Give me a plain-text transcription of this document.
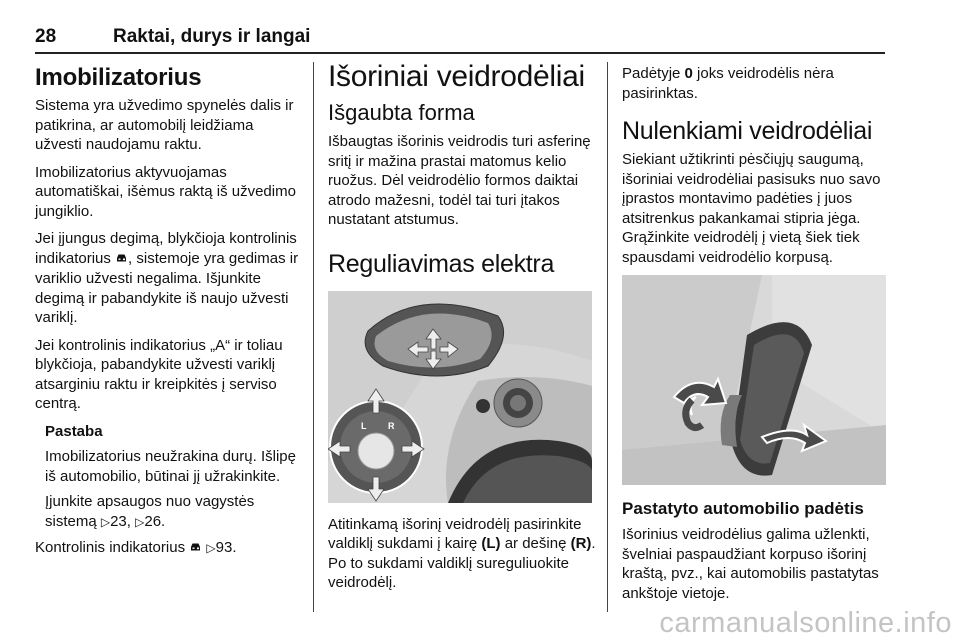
28	Raktai, durys ir langai
Imobilizatorius

Sistema yra užvedimo spynelės dalis ir patikrina, ar automobilį leidžiama užvesti naudojamu raktu.

Imobilizatorius aktyvuojamas automatiškai, išėmus raktą iš užvedimo jungiklio.

Jei įjungus degimą, blykčioja kontrolinis indikatorius , sistemoje yra gedimas ir variklio užvesti negalima. Išjunkite degimą ir pabandykite iš naujo užvesti variklį.

Jei kontrolinis indikatorius „A“ ir toliau blykčioja, pabandykite užvesti variklį atsarginiu raktu ir kreipkitės į serviso centrą.

Pastaba

Imobilizatorius neužrakina durų. Išlipę iš automobilio, būtinai jį užrakinkite.

Įjunkite apsaugos nuo vagystės sistemą ▷23, ▷26.

Kontrolinis indikatorius  ▷93.

Išoriniai veidrodėliai
Išgaubta forma

Išbaugtas išorinis veidrodis turi asferinę sritį ir mažina prastai matomus kelio ruožus. Dėl veidrodėlio formos daiktai atrodo mažesni, todėl tai turi įtakos nustatant atstumus.

Reguliavimas elektra
L R

Atitinkamą išorinį veidrodėlį pasirinkite valdiklį sukdami į kairę (L) ar dešinę (R). Po to sukdami valdiklį sureguliuokite veidrodėlį.

Padėtyje 0 joks veidrodėlis nėra pasirinktas.

Nulenkiami veidrodėliai

Siekiant užtikrinti pėsčiųjų saugumą, išoriniai veidrodėliai pasisuks nuo savo įprastos montavimo padėties į juos atsitrenkus pakankamai stipria jėga. Grąžinkite veidrodėlį į vietą šiek tiek spausdami veidrodėlio korpusą.

Pastatyto automobilio padėtis

Išorinius veidrodėlius galima užlenkti, švelniai paspaudžiant korpuso išorinį kraštą, pvz., kai automobilis pastatytas ankštoje vietoje.

carmanualsonline.info
